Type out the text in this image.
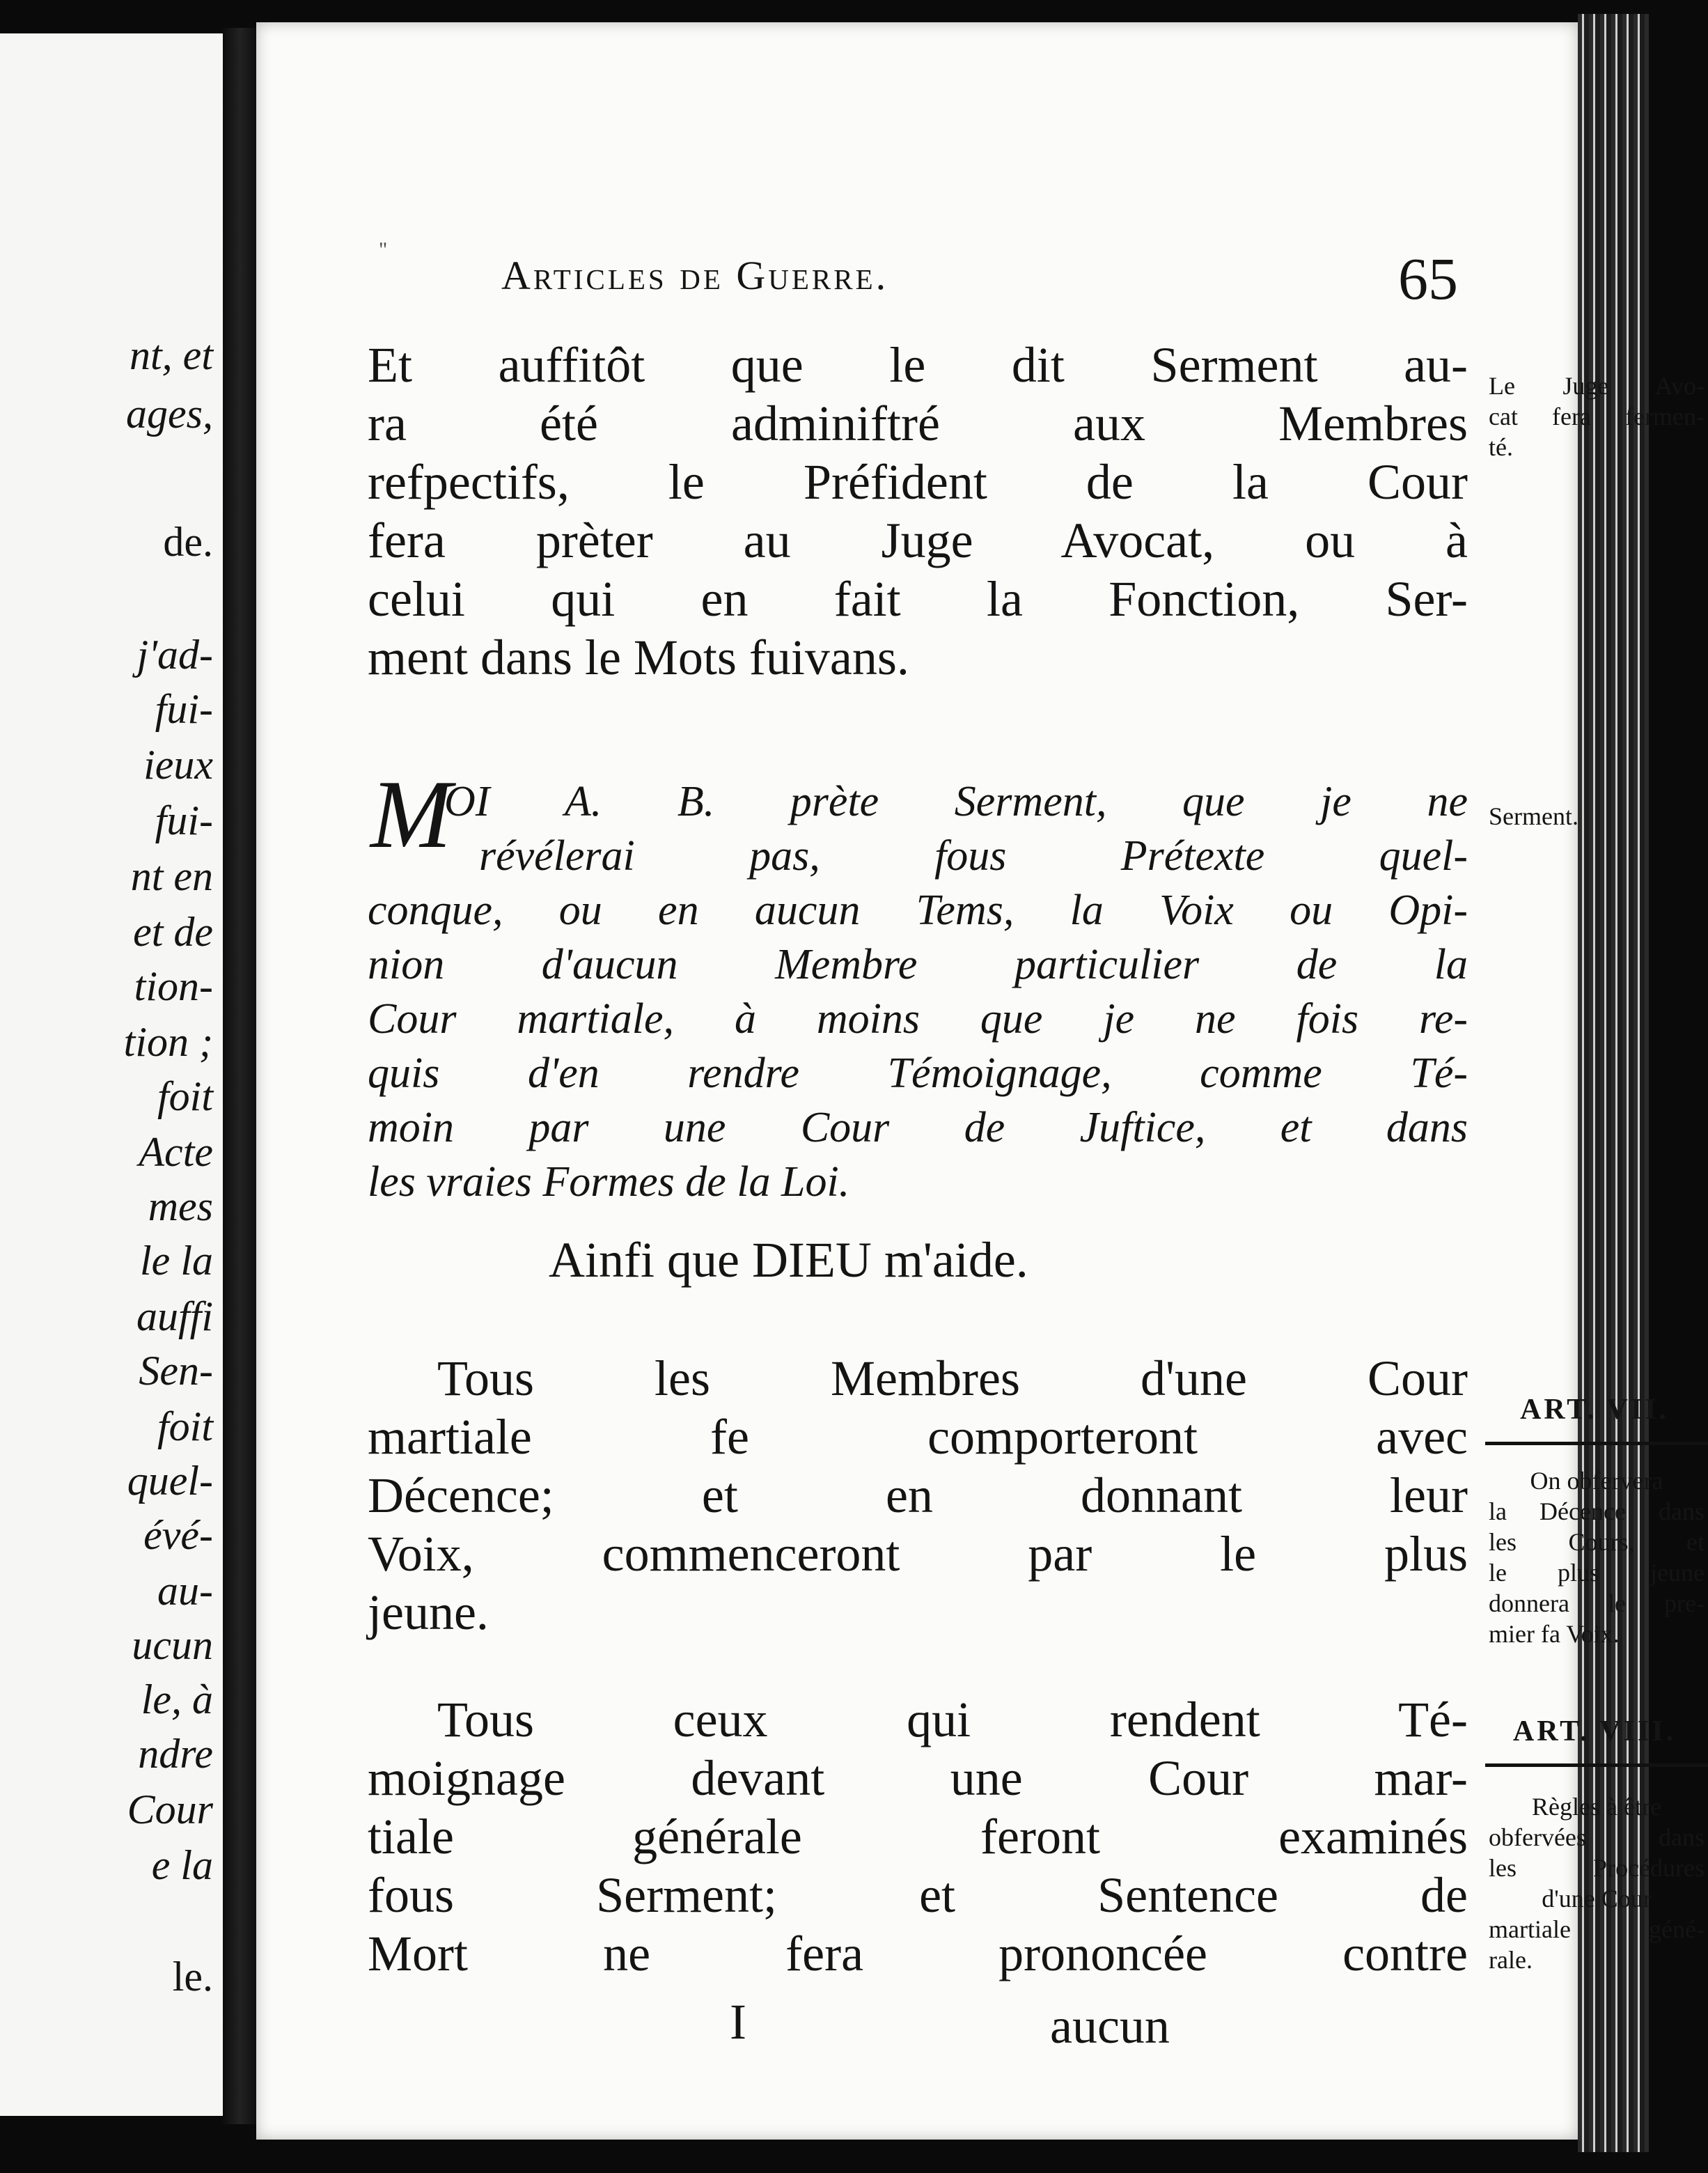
nt, et
ages,
de.
j'ad-
fui-
ieux
fui-
nt en
et de
tion-
tion ;
foit
Acte
mes
le la
auffi
Sen-
foit
quel-
évé-
au-
ucun
le, à
ndre
Cour
e la
le.
"
Articles de Guerre.	65
Et auffitôt que le dit Serment au-
ra été adminiftré aux Membres
refpectifs, le Préfident de la Cour
fera prèter au Juge Avocat, ou à
celui qui en fait la Fonction, Ser-
ment dans le Mots fuivans.
M
OI A. B. prète Serment, que je ne
révélerai pas, fous Prétexte quel-
conque, ou en aucun Tems, la Voix ou Opi-
nion d'aucun Membre particulier de la
Cour martiale, à moins que je ne fois re-
quis d'en rendre Témoignage, comme Té-
moin par une Cour de Juftice, et dans
les vraies Formes de la Loi.
Ainfi que DIEU m'aide.
Tous les Membres d'une Cour
martiale fe comporteront avec
Décence; et en donnant leur
Voix, commenceront par le plus
jeune.
Tous ceux qui rendent Té-
moignage devant une Cour mar-
tiale générale feront examinés
fous Serment; et Sentence de
Mort ne fera prononcée contre
I	aucun
Le Juge Avo-
cat fera fermen-
té.
Serment.
ART. VII.
On obfervera
la Décence dans
les Cours, et
le plus jeune
donnera le pre-
mier fa Voix.
ART. VIII.
Règles à être
obfervées dans
les Procédures
d'une Cour
martiale géné-
rale.
